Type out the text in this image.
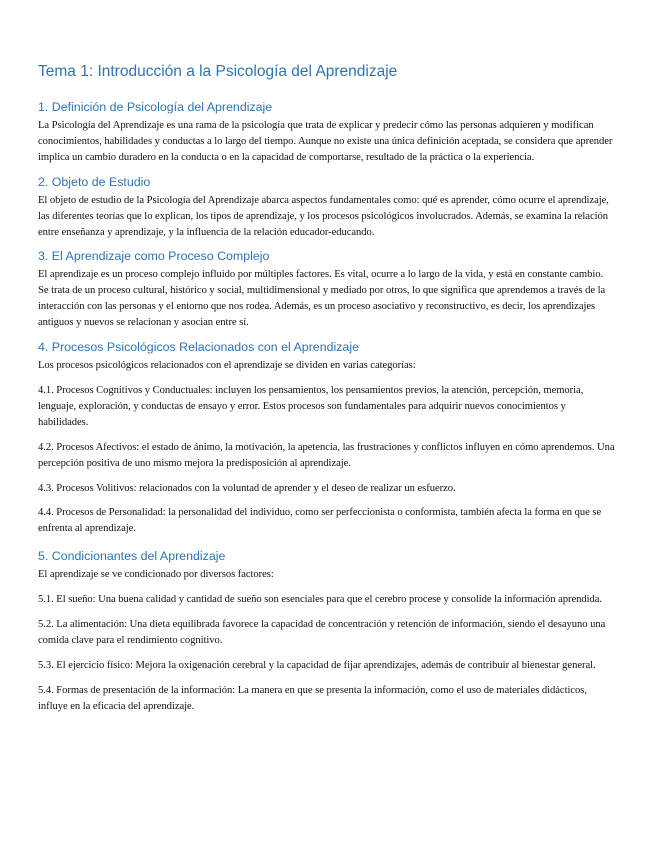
Tema 1: Introducción a la Psicología del Aprendizaje
1. Definición de Psicología del Aprendizaje

La Psicología del Aprendizaje es una rama de la psicología que trata de explicar y predecir cómo las personas adquieren y modifican conocimientos, habilidades y conductas a lo largo del tiempo. Aunque no existe una única definición aceptada, se considera que aprender implica un cambio duradero en la conducta o en la capacidad de comportarse, resultado de la práctica o la experiencia.

2. Objeto de Estudio

El objeto de estudio de la Psicología del Aprendizaje abarca aspectos fundamentales como: qué es aprender, cómo ocurre el aprendizaje, las diferentes teorías que lo explican, los tipos de aprendizaje, y los procesos psicológicos involucrados. Además, se examina la relación entre enseñanza y aprendizaje, y la influencia de la relación educador-educando.

3. El Aprendizaje como Proceso Complejo

El aprendizaje es un proceso complejo influido por múltiples factores. Es vital, ocurre a lo largo de la vida, y está en constante cambio. Se trata de un proceso cultural, histórico y social, multidimensional y mediado por otros, lo que significa que aprendemos a través de la interacción con las personas y el entorno que nos rodea. Además, es un proceso asociativo y reconstructivo, es decir, los aprendizajes antiguos y nuevos se relacionan y asocian entre sí.

4. Procesos Psicológicos Relacionados con el Aprendizaje

Los procesos psicológicos relacionados con el aprendizaje se dividen en varias categorías:

4.1. Procesos Cognitivos y Conductuales: incluyen los pensamientos, los pensamientos previos, la atención, percepción, memoria, lenguaje, exploración, y conductas de ensayo y error. Estos procesos son fundamentales para adquirir nuevos conocimientos y habilidades.

4.2. Procesos Afectivos: el estado de ánimo, la motivación, la apetencia, las frustraciones y conflictos influyen en cómo aprendemos. Una percepción positiva de uno mismo mejora la predisposición al aprendizaje.

4.3. Procesos Volitivos: relacionados con la voluntad de aprender y el deseo de realizar un esfuerzo.

4.4. Procesos de Personalidad: la personalidad del individuo, como ser perfeccionista o conformista, también afecta la forma en que se enfrenta al aprendizaje.

5. Condicionantes del Aprendizaje

El aprendizaje se ve condicionado por diversos factores:

5.1. El sueño: Una buena calidad y cantidad de sueño son esenciales para que el cerebro procese y consolide la información aprendida.

5.2. La alimentación: Una dieta equilibrada favorece la capacidad de concentración y retención de información, siendo el desayuno una comida clave para el rendimiento cognitivo.

5.3. El ejercicio físico: Mejora la oxigenación cerebral y la capacidad de fijar aprendizajes, además de contribuir al bienestar general.

5.4. Formas de presentación de la información: La manera en que se presenta la información, como el uso de materiales didácticos, influye en la eficacia del aprendizaje.
